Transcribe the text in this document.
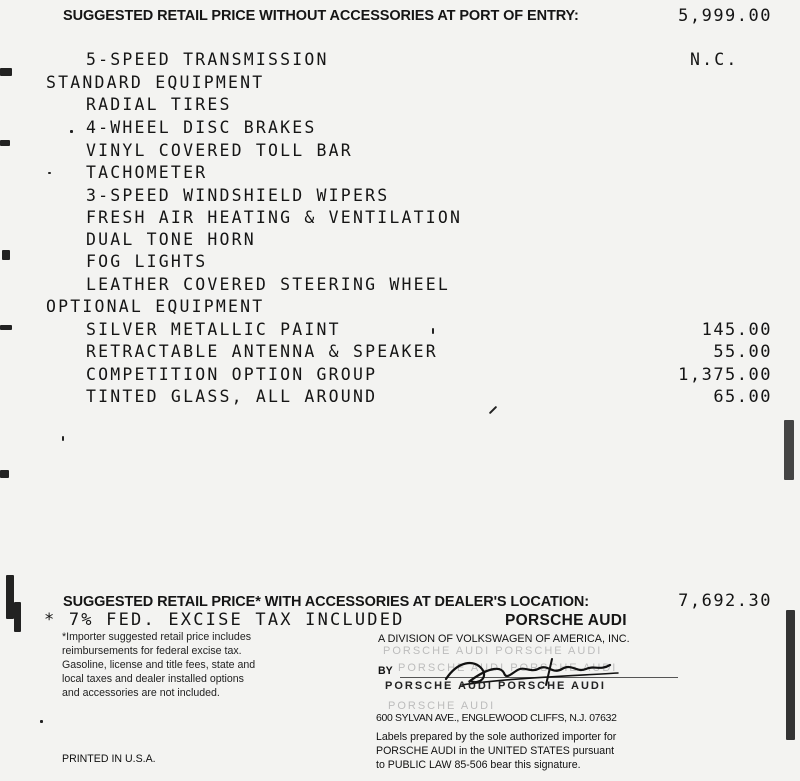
SUGGESTED RETAIL PRICE WITHOUT ACCESSORIES AT PORT OF ENTRY:	5,999.00
5-SPEED TRANSMISSION	N.C.
STANDARD EQUIPMENT
RADIAL TIRES
4-WHEEL DISC BRAKES
VINYL COVERED TOLL BAR
TACHOMETER
3-SPEED WINDSHIELD WIPERS
FRESH AIR HEATING & VENTILATION
DUAL TONE HORN
FOG LIGHTS
LEATHER COVERED STEERING WHEEL
OPTIONAL EQUIPMENT
SILVER METALLIC PAINT	145.00
RETRACTABLE ANTENNA & SPEAKER	55.00
COMPETITION OPTION GROUP	1,375.00
TINTED GLASS, ALL AROUND	65.00
SUGGESTED RETAIL PRICE* WITH ACCESSORIES AT DEALER'S LOCATION:	7,692.30
* 7% FED. EXCISE TAX INCLUDED	PORSCHE AUDI
*Importer suggested retail price includes
reimbursements for federal excise tax.
Gasoline, license and title fees, state and
local taxes and dealer installed options
and accessories are not included.
A DIVISION OF VOLKSWAGEN OF AMERICA, INC.
PORSCHE AUDI PORSCHE AUDI
BY PORSCHE AUDI PORSCHE AUDI
PORSCHE AUDI PORSCHE AUDI
PORSCHE AUDI
600 SYLVAN AVE., ENGLEWOOD CLIFFS, N.J. 07632
Labels prepared by the sole authorized importer for
PORSCHE AUDI in the UNITED STATES pursuant
to PUBLIC LAW 85-506 bear this signature.
PRINTED IN U.S.A.
